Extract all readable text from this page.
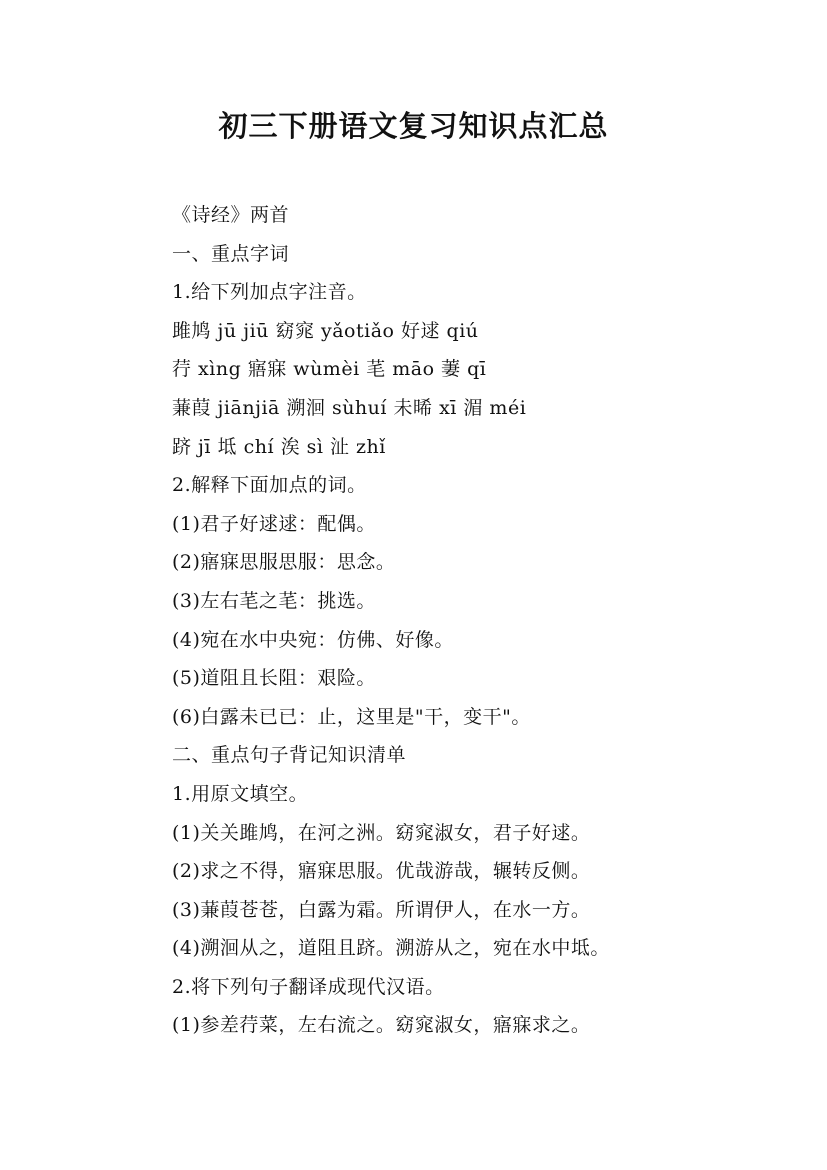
初三下册语文复习知识点汇总
《诗经》两首
一、重点字词
1.给下列加点字注音。
雎鸠 jū jiū 窈窕 yǎotiǎo 好逑 qiú
荇 xìng 寤寐 wùmèi 芼 māo 萋 qī
蒹葭 jiānjiā 溯洄 sùhuí 未晞 xī 湄 méi
跻 jī 坻 chí 涘 sì 沚 zhǐ
2.解释下面加点的词。
(1)君子好逑逑：配偶。
(2)寤寐思服思服：思念。
(3)左右芼之芼：挑选。
(4)宛在水中央宛：仿佛、好像。
(5)道阻且长阻：艰险。
(6)白露未已已：止，这里是"干，变干"。
二、重点句子背记知识清单
1.用原文填空。
(1)关关雎鸠，在河之洲。窈窕淑女，君子好逑。
(2)求之不得，寤寐思服。优哉游哉，辗转反侧。
(3)蒹葭苍苍，白露为霜。所谓伊人，在水一方。
(4)溯洄从之，道阻且跻。溯游从之，宛在水中坻。
2.将下列句子翻译成现代汉语。
(1)参差荇菜，左右流之。窈窕淑女，寤寐求之。
